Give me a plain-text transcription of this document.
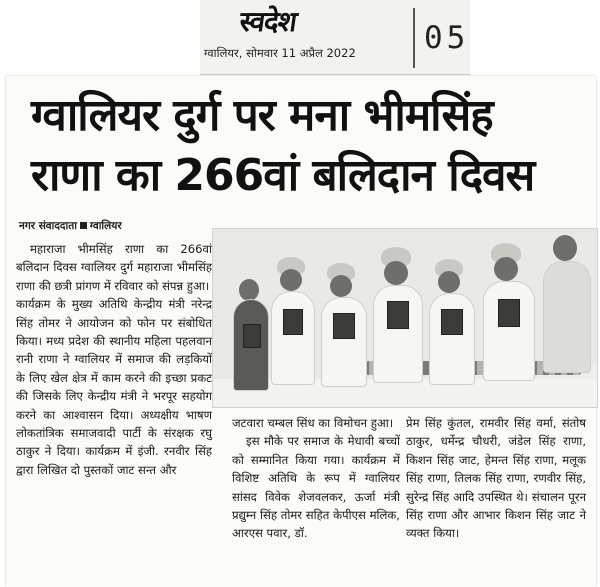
स्वदेश
ग्वालियर, सोमवार 11 अप्रैल 2022 05
ग्वालियर दुर्ग पर मना भीमसिंह
राणा का 266वां बलिदान दिवस
नगर संवाददाता ग्वालियर
महाराजा भीमसिंह राणा का 266वां बलिदान दिवस ग्वालियर दुर्ग महाराजा भीमसिंह राणा की छत्री प्रांगण में रविवार को संपन्न हुआ।
कार्यक्रम के मुख्य अतिथि केन्द्रीय मंत्री नरेन्द्र सिंह तोमर ने आयोजन को फोन पर संबोधित किया। मध्य प्रदेश की स्थानीय महिला पहलवान रानी राणा ने ग्वालियर में समाज की लड़कियों के लिए खेल क्षेत्र में काम करने की इच्छा प्रकट की जिसके लिए केन्द्रीय मंत्री ने भरपूर सहयोग करने का आश्वासन दिया। अध्यक्षीय भाषण लोकतांत्रिक समाजवादी पार्टी के संरक्षक रघु ठाकुर ने दिया। कार्यक्रम में इंजी. रनवीर सिंह द्वारा लिखित दो पुस्तकों जाट सन्त और
जटवारा चम्बल सिंध का विमोचन हुआ।
इस मौके पर समाज के मेधावी बच्चों को सम्मानित किया गया। कार्यक्रम में विशिष्ट अतिथि के रूप में ग्वालियर सांसद विवेक शेजवलकर, ऊर्जा मंत्री प्रद्युम्न सिंह तोमर सहित केपीएस मलिक, आरएस पवार, डॉ.
प्रेम सिंह कुंतल, रामवीर सिंह वर्मा, संतोष ठाकुर, धर्मेन्द्र चौधरी, जंडेल सिंह राणा, किशन सिंह जाट, हेमन्त सिंह राणा, मलूक सिंह राणा, तिलक सिंह राणा, रणवीर सिंह, सुरेन्द्र सिंह आदि उपस्थित थे। संचालन पूरन सिंह राणा और आभार किशन सिंह जाट ने व्यक्त किया।
